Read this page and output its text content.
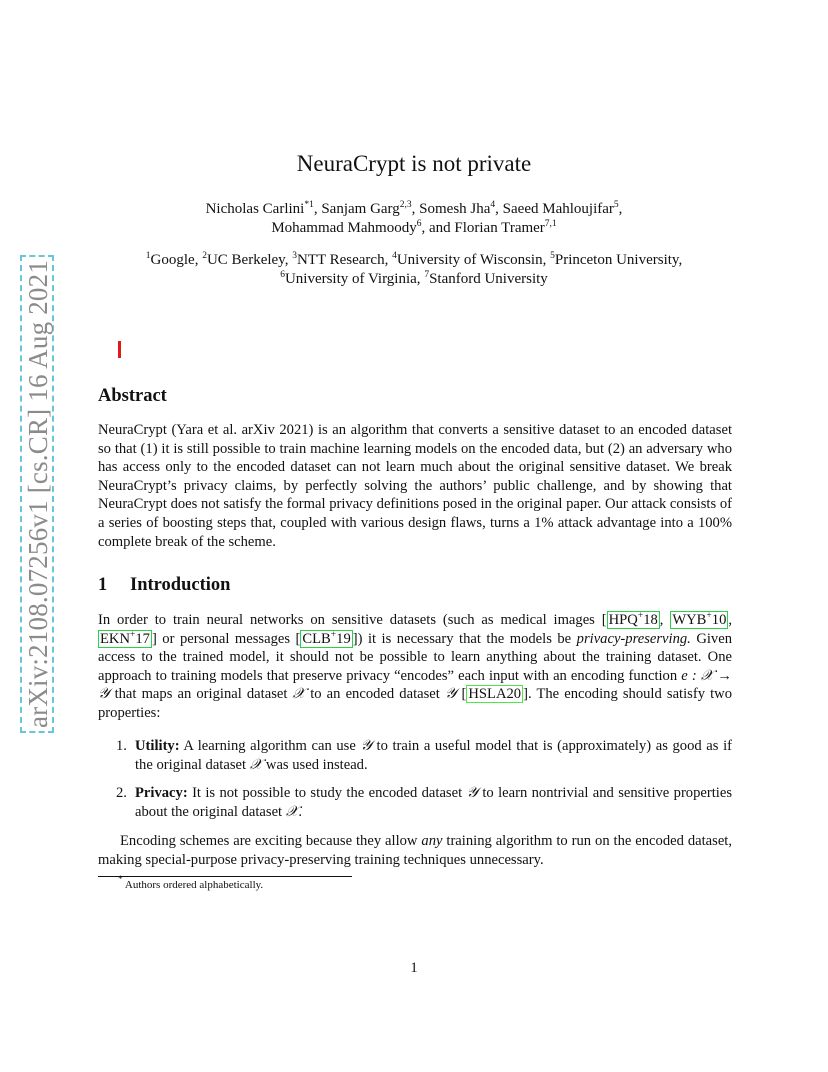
arXiv:2108.07256v1 [cs.CR] 16 Aug 2021
NeuraCrypt is not private
Nicholas Carlini$^{*1}$, Sanjam Garg$^{2,3}$, Somesh Jha$^4$, Saeed Mahloujifar$^5$,
Mohammad Mahmoody$^6$, and Florian Tramer$^{7,1}$
$^1$Google, $^2$UC Berkeley, $^3$NTT Research, $^4$University of Wisconsin, $^5$Princeton University,
$^6$University of Virginia, $^7$Stanford University
Abstract
NeuraCrypt (Yara et al. arXiv 2021) is an algorithm that converts a sensitive dataset to an encoded dataset so that (1) it is still possible to train machine learning models on the encoded data, but (2) an adversary who has access only to the encoded dataset can not learn much about the original sensitive dataset. We break NeuraCrypt’s privacy claims, by perfectly solving the authors’ public challenge, and by showing that NeuraCrypt does not satisfy the formal privacy definitions posed in the original paper. Our attack consists of a series of boosting steps that, coupled with various design flaws, turns a 1% attack advantage into a 100% complete break of the scheme.
1 Introduction
In order to train neural networks on sensitive datasets (such as medical images [ HPQ+18 , WYB+10 , EKN+17 ] or personal messages [ CLB+19 ]) it is necessary that the models be privacy-preserving. Given access to the trained model, it should not be possible to learn anything about the training dataset. One approach to training models that preserve privacy “encodes” each input with an encoding function e : 𝒳 → 𝒴 that maps an original dataset 𝒳 to an encoded dataset 𝒴 [ HSLA20 ]. The encoding should satisfy two properties:
1. Utility: A learning algorithm can use 𝒴 to train a useful model that is (approximately) as good as if the original dataset 𝒳 was used instead.
2. Privacy: It is not possible to study the encoded dataset 𝒴 to learn nontrivial and sensitive properties about the original dataset 𝒳.
Encoding schemes are exciting because they allow any training algorithm to run on the encoded dataset, making special-purpose privacy-preserving training techniques unnecessary.
* Authors ordered alphabetically.
1
